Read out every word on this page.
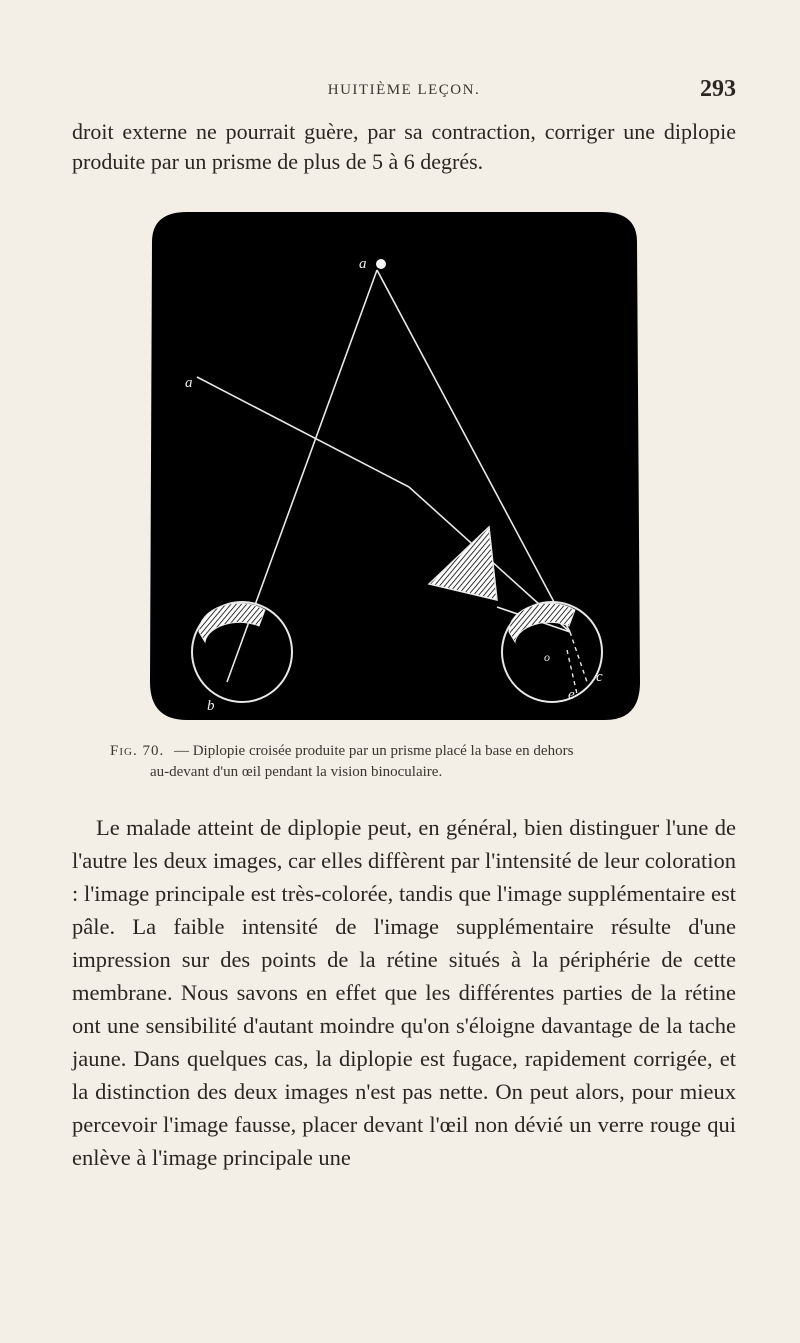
HUITIÈME LEÇON.	293

droit externe ne pourrait guère, par sa contraction, corriger une diplopie produite par un prisme de plus de 5 à 6 degrés.

a
a
b
o
c
e

Fig. 70. — Diplopie croisée produite par un prisme placé la base en dehors
au-devant d'un œil pendant la vision binoculaire.

Le malade atteint de diplopie peut, en général, bien distinguer l'une de l'autre les deux images, car elles diffèrent par l'intensité de leur coloration : l'image principale est très-colorée, tandis que l'image supplémentaire est pâle. La faible intensité de l'image supplémentaire résulte d'une impression sur des points de la rétine situés à la périphérie de cette membrane. Nous savons en effet que les différentes parties de la rétine ont une sensibilité d'autant moindre qu'on s'éloigne davantage de la tache jaune. Dans quelques cas, la diplopie est fugace, rapidement corrigée, et la distinction des deux images n'est pas nette. On peut alors, pour mieux percevoir l'image fausse, placer devant l'œil non dévié un verre rouge qui enlève à l'image principale une
